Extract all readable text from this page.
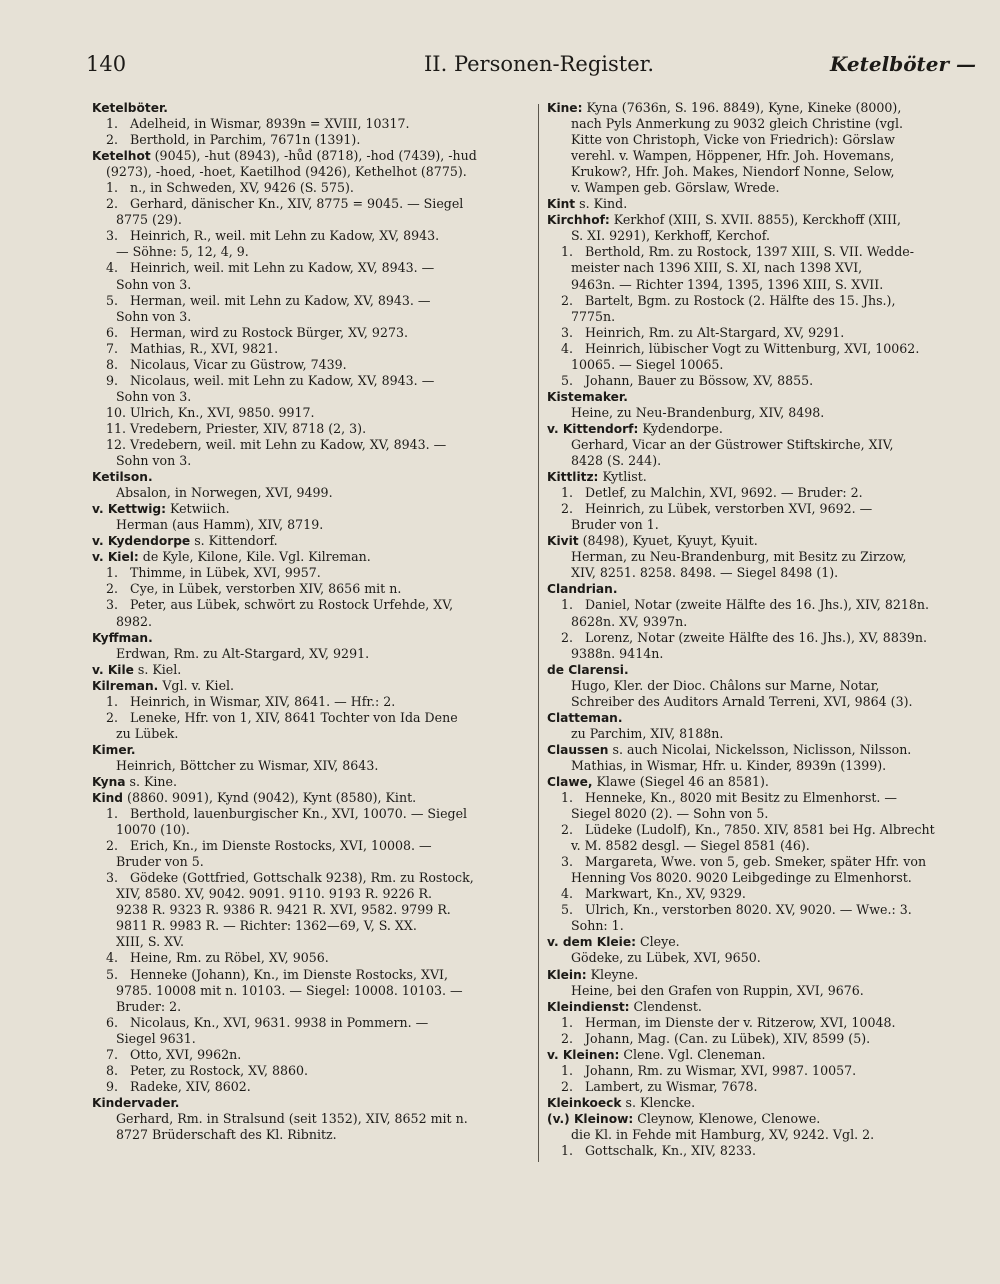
140	II. Personen-Register.	Ketelböter —

Ketelböter.

1. Adelheid, in Wismar, 8939n = XVIII, 10317.

2. Berthold, in Parchim, 7671n (1391).

Ketelhot (9045), -hut (8943), -hůd (8718), -hod (7439), -hud

(9273), -hoed, -hoet, Kaetilhod (9426), Kethelhot (8775).

1. n., in Schweden, XV, 9426 (S. 575).

2. Gerhard, dänischer Kn., XIV, 8775 = 9045. — Siegel

8775 (29).

3. Heinrich, R., weil. mit Lehn zu Kadow, XV, 8943.

— Söhne: 5, 12, 4, 9.

4. Heinrich, weil. mit Lehn zu Kadow, XV, 8943. —

Sohn von 3.

5. Herman, weil. mit Lehn zu Kadow, XV, 8943. —

Sohn von 3.

6. Herman, wird zu Rostock Bürger, XV, 9273.

7. Mathias, R., XVI, 9821.

8. Nicolaus, Vicar zu Güstrow, 7439.

9. Nicolaus, weil. mit Lehn zu Kadow, XV, 8943. —

Sohn von 3.

10. Ulrich, Kn., XVI, 9850. 9917.

11. Vredebern, Priester, XIV, 8718 (2, 3).

12. Vredebern, weil. mit Lehn zu Kadow, XV, 8943. —

Sohn von 3.

Ketilson.

Absalon, in Norwegen, XVI, 9499.

v. Kettwig: Ketwiich.

Herman (aus Hamm), XIV, 8719.

v. Kydendorpe s. Kittendorf.

v. Kiel: de Kyle, Kilone, Kile. Vgl. Kilreman.

1. Thimme, in Lübek, XVI, 9957.

2. Cye, in Lübek, verstorben XIV, 8656 mit n.

3. Peter, aus Lübek, schwört zu Rostock Urfehde, XV,

8982.

Kyffman.

Erdwan, Rm. zu Alt-Stargard, XV, 9291.

v. Kile s. Kiel.

Kilreman. Vgl. v. Kiel.

1. Heinrich, in Wismar, XIV, 8641. — Hfr.: 2.

2. Leneke, Hfr. von 1, XIV, 8641 Tochter von Ida Dene

zu Lübek.

Kimer.

Heinrich, Böttcher zu Wismar, XIV, 8643.

Kyna s. Kine.

Kind (8860. 9091), Kynd (9042), Kynt (8580), Kint.

1. Berthold, lauenburgischer Kn., XVI, 10070. — Siegel

10070 (10).

2. Erich, Kn., im Dienste Rostocks, XVI, 10008. —

Bruder von 5.

3. Gödeke (Gottfried, Gottschalk 9238), Rm. zu Rostock,

XIV, 8580. XV, 9042. 9091. 9110. 9193 R. 9226 R.

9238 R. 9323 R. 9386 R. 9421 R. XVI, 9582. 9799 R.

9811 R. 9983 R. — Richter: 1362—69, V, S. XX.

XIII, S. XV.

4. Heine, Rm. zu Röbel, XV, 9056.

5. Henneke (Johann), Kn., im Dienste Rostocks, XVI,

9785. 10008 mit n. 10103. — Siegel: 10008. 10103. —

Bruder: 2.

6. Nicolaus, Kn., XVI, 9631. 9938 in Pommern. —

Siegel 9631.

7. Otto, XVI, 9962n.

8. Peter, zu Rostock, XV, 8860.

9. Radeke, XIV, 8602.

Kindervader.

Gerhard, Rm. in Stralsund (seit 1352), XIV, 8652 mit n.

8727 Brüderschaft des Kl. Ribnitz.

Kine: Kyna (7636n, S. 196. 8849), Kyne, Kineke (8000),

nach Pyls Anmerkung zu 9032 gleich Christine (vgl.

Kitte von Christoph, Vicke von Friedrich): Görslaw

verehl. v. Wampen, Höppener, Hfr. Joh. Hovemans,

Krukow?, Hfr. Joh. Makes, Niendorf Nonne, Selow,

v. Wampen geb. Görslaw, Wrede.

Kint s. Kind.

Kirchhof: Kerkhof (XIII, S. XVII. 8855), Kerckhoff (XIII,

S. XI. 9291), Kerkhoff, Kerchof.

1. Berthold, Rm. zu Rostock, 1397 XIII, S. VII. Wedde-

meister nach 1396 XIII, S. XI, nach 1398 XVI,

9463n. — Richter 1394, 1395, 1396 XIII, S. XVII.

2. Bartelt, Bgm. zu Rostock (2. Hälfte des 15. Jhs.),

7775n.

3. Heinrich, Rm. zu Alt-Stargard, XV, 9291.

4. Heinrich, lübischer Vogt zu Wittenburg, XVI, 10062.

10065. — Siegel 10065.

5. Johann, Bauer zu Bössow, XV, 8855.

Kistemaker.

Heine, zu Neu-Brandenburg, XIV, 8498.

v. Kittendorf: Kydendorpe.

Gerhard, Vicar an der Güstrower Stiftskirche, XIV,

8428 (S. 244).

Kittlitz: Kytlist.

1. Detlef, zu Malchin, XVI, 9692. — Bruder: 2.

2. Heinrich, zu Lübek, verstorben XVI, 9692. —

Bruder von 1.

Kivit (8498), Kyuet, Kyuyt, Kyuit.

Herman, zu Neu-Brandenburg, mit Besitz zu Zirzow,

XIV, 8251. 8258. 8498. — Siegel 8498 (1).

Clandrian.

1. Daniel, Notar (zweite Hälfte des 16. Jhs.), XIV, 8218n.

8628n. XV, 9397n.

2. Lorenz, Notar (zweite Hälfte des 16. Jhs.), XV, 8839n.

9388n. 9414n.

de Clarensi.

Hugo, Kler. der Dioc. Châlons sur Marne, Notar,

Schreiber des Auditors Arnald Terreni, XVI, 9864 (3).

Clatteman.

zu Parchim, XIV, 8188n.

Claussen s. auch Nicolai, Nickelsson, Niclisson, Nilsson.

Mathias, in Wismar, Hfr. u. Kinder, 8939n (1399).

Clawe, Klawe (Siegel 46 an 8581).

1. Henneke, Kn., 8020 mit Besitz zu Elmenhorst. —

Siegel 8020 (2). — Sohn von 5.

2. Lüdeke (Ludolf), Kn., 7850. XIV, 8581 bei Hg. Albrecht

v. M. 8582 desgl. — Siegel 8581 (46).

3. Margareta, Wwe. von 5, geb. Smeker, später Hfr. von

Henning Vos 8020. 9020 Leibgedinge zu Elmenhorst.

4. Markwart, Kn., XV, 9329.

5. Ulrich, Kn., verstorben 8020. XV, 9020. — Wwe.: 3.

Sohn: 1.

v. dem Kleie: Cleye.

Gödeke, zu Lübek, XVI, 9650.

Klein: Kleyne.

Heine, bei den Grafen von Ruppin, XVI, 9676.

Kleindienst: Clendenst.

1. Herman, im Dienste der v. Ritzerow, XVI, 10048.

2. Johann, Mag. (Can. zu Lübek), XIV, 8599 (5).

v. Kleinen: Clene. Vgl. Cleneman.

1. Johann, Rm. zu Wismar, XVI, 9987. 10057.

2. Lambert, zu Wismar, 7678.

Kleinkoeck s. Klencke.

(v.) Kleinow: Cleynow, Klenowe, Clenowe.

die Kl. in Fehde mit Hamburg, XV, 9242. Vgl. 2.

1. Gottschalk, Kn., XIV, 8233.
